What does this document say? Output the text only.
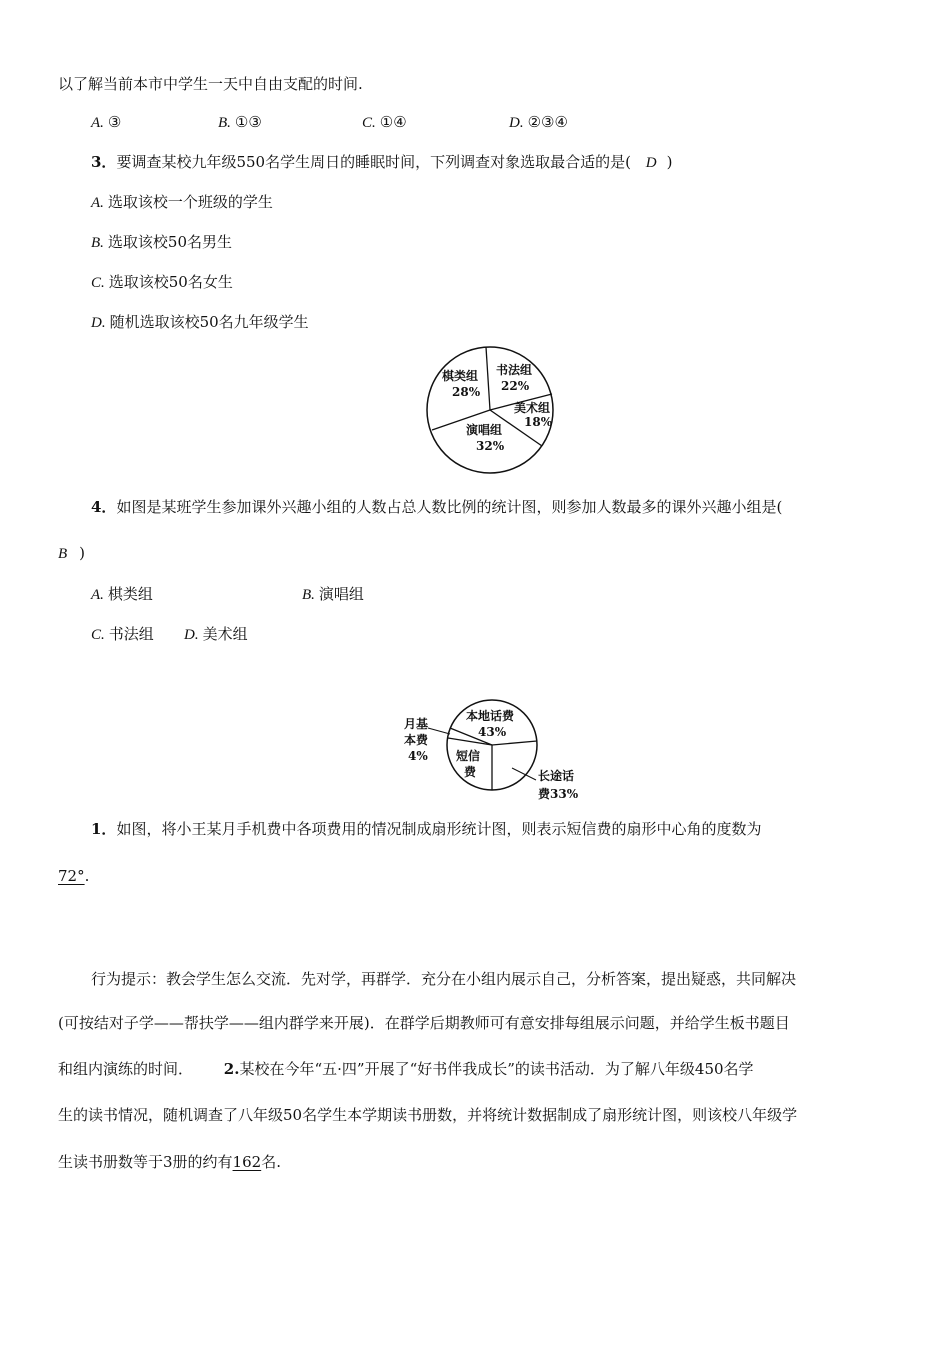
以了解当前本市中学生一天中自由支配的时间.
A. ③	B. ①③	C. ①④	D. ②③④
3．要调查某校九年级550名学生周日的睡眠时间，下列调查对象选取最合适的是( D )
A. 选取该校一个班级的学生
B. 选取该校50名男生
C. 选取该校50名女生
D. 随机选取该校50名九年级学生
棋类组
28%
书法组
22%
美术组
18%
演唱组
32%
4．如图是某班学生参加课外兴趣小组的人数占总人数比例的统计图，则参加人数最多的课外兴趣小组是(
B )
A. 棋类组	B. 演唱组
C. 书法组 D. 美术组
本地话费
43%
短信
费	长途话
费33%
月基
本费
4%
1．如图，将小王某月手机费中各项费用的情况制成扇形统计图，则表示短信费的扇形中心角的度数为
72°.
行为提示：教会学生怎么交流．先对学，再群学．充分在小组内展示自己，分析答案，提出疑惑，共同解决
(可按结对子学——帮扶学——组内群学来开展)．在群学后期教师可有意安排每组展示问题，并给学生板书题目
和组内演练的时间． 2.某校在今年“五·四”开展了“好书伴我成长”的读书活动．为了解八年级450名学
生的读书情况，随机调查了八年级50名学生本学期读书册数，并将统计数据制成了扇形统计图，则该校八年级学
生读书册数等于3册的约有162名.
